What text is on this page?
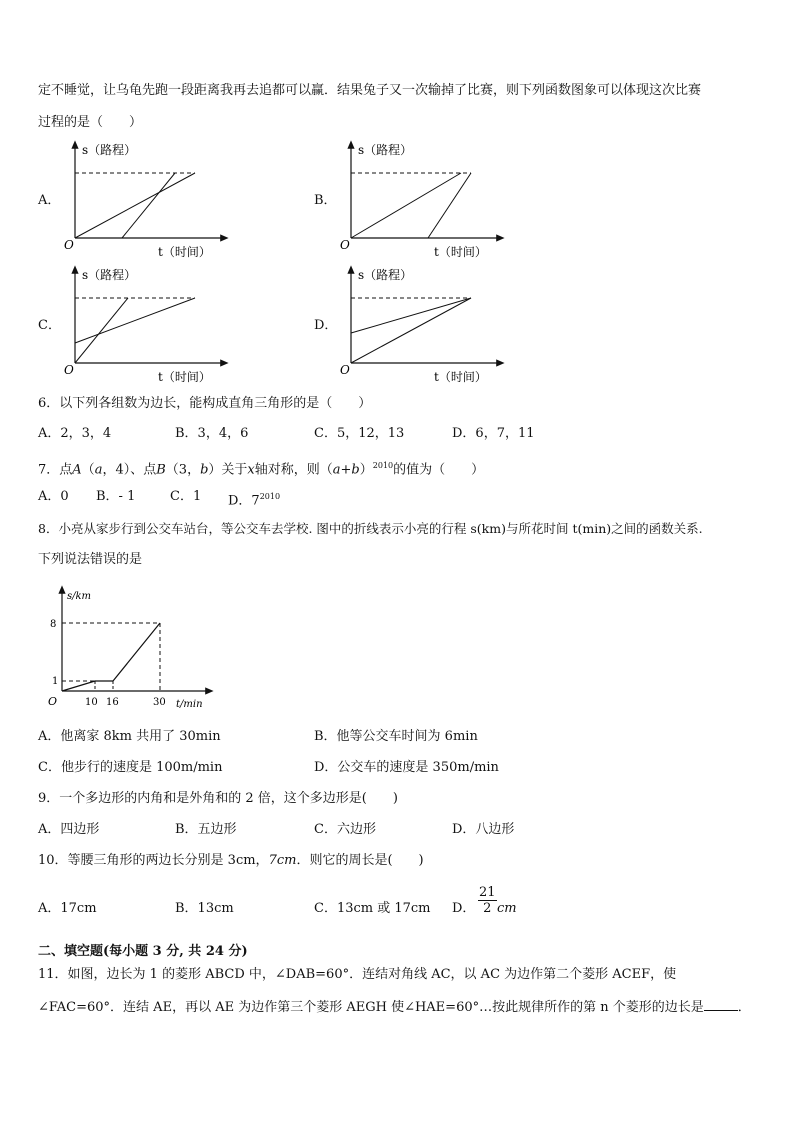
定不睡觉，让乌龟先跑一段距离我再去追都可以赢．结果兔子又一次输掉了比赛，则下列函数图象可以体现这次比赛
过程的是（　　）
A．	B．
C．	D．
s（路程）
t（时间）
O
s（路程）
t（时间）
O
s（路程）
t（时间）
O
s（路程）
t（时间）
O
6．以下列各组数为边长，能构成直角三角形的是（　　）
A．2，3，4	B．3，4，6	C．5，12，13	D．6，7，11
7．点A（a，4）、点B（3，b）关于x轴对称，则$(a+b)^{2010}$的值为（　　）
A．0 B．- 1	C．1 D．$7^{2010}$
8．小亮从家步行到公交车站台，等公交车去学校. 图中的折线表示小亮的行程 s(km)与所花时间 t(min)之间的函数关系.
下列说法错误的是
s/km
t/min
O
8
1
10 16	30
A．他离家 8km 共用了 30min	B．他等公交车时间为 6min
C．他步行的速度是 100m/min	D．公交车的速度是 350m/min
9．一个多边形的内角和是外角和的 2 倍，这个多边形是(　　)
A．四边形	B．五边形	C．六边形	D．八边形
10．等腰三角形的两边长分别是 3cm，7cm．则它的周长是(　　)
A．17cm	B．13cm	C．13cm 或 17cm D． $\frac{21}{2}$ cm
二、填空题(每小题 3 分, 共 24 分)
11．如图，边长为 1 的菱形 ABCD 中，∠DAB=60°．连结对角线 AC，以 AC 为边作第二个菱形 ACEF，使
∠FAC=60°．连结 AE，再以 AE 为边作第三个菱形 AEGH 使∠HAE=60°…按此规律所作的第 n 个菱形的边长是	．
